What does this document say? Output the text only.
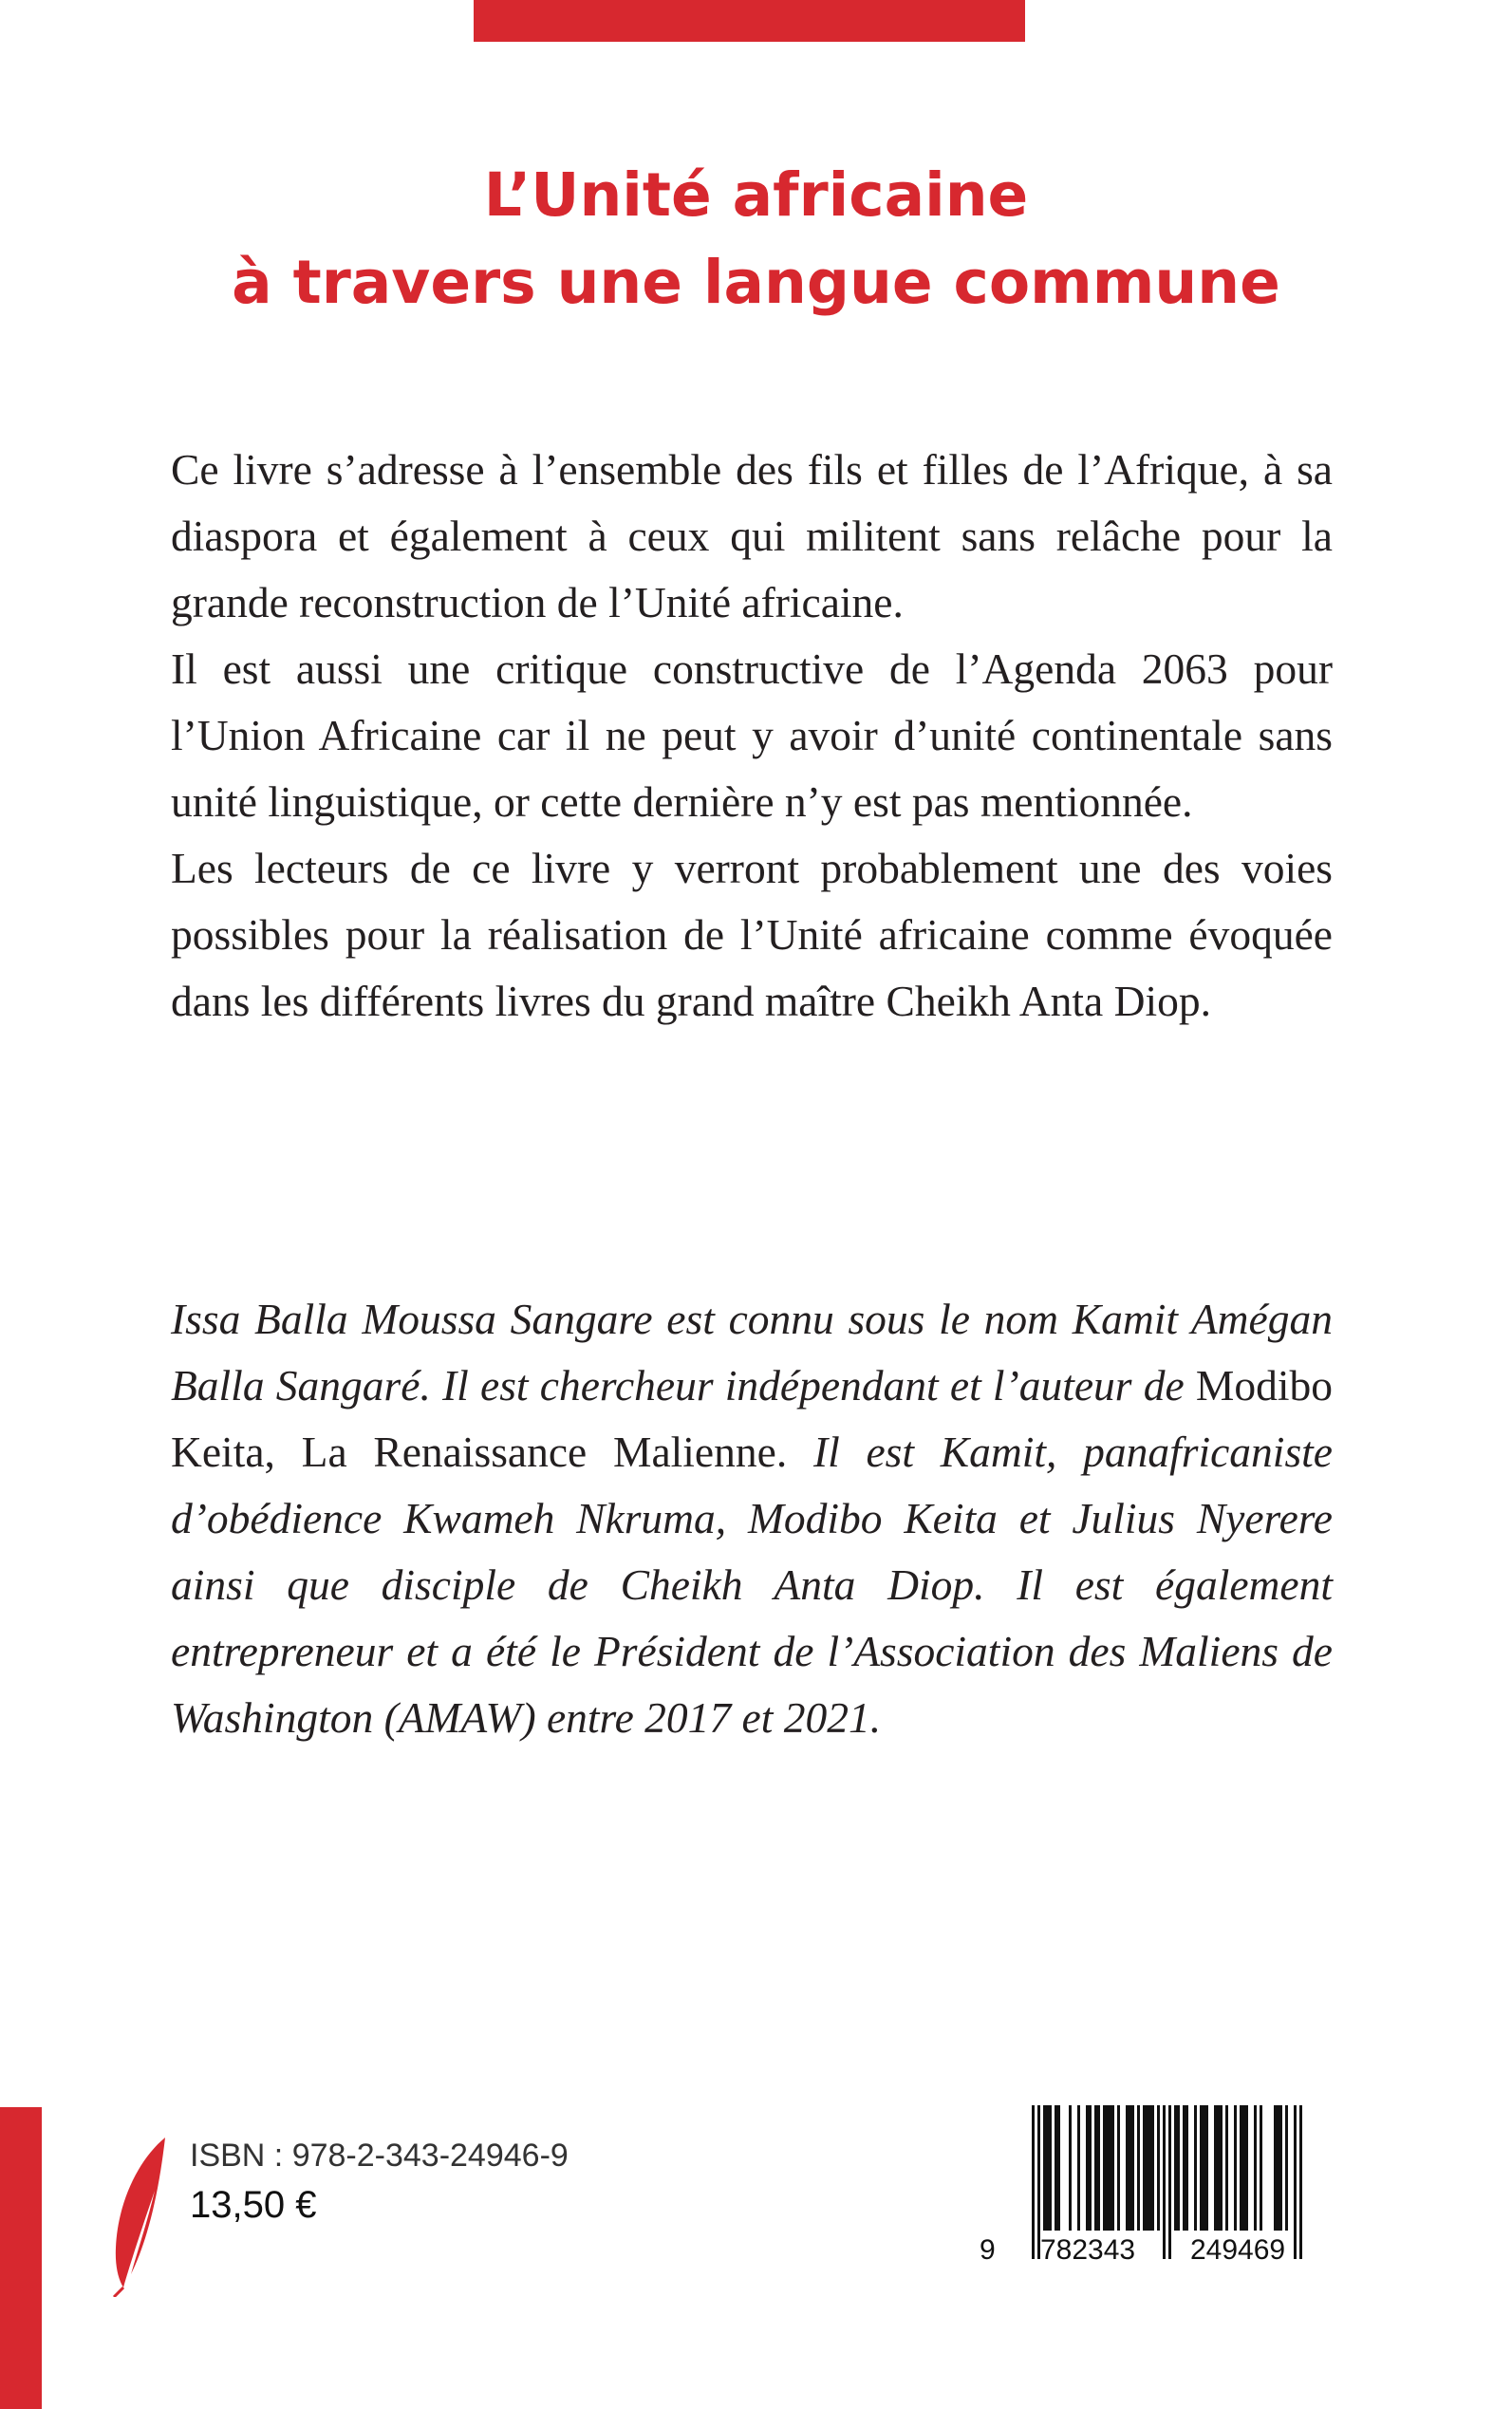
L’Unité africaine
à travers une langue commune

Ce livre s’adresse à l’ensemble des fils et filles de l’Afrique, à sa diaspora et également à ceux qui militent sans relâche pour la grande reconstruction de l’Unité africaine.

Il est aussi une critique constructive de l’Agenda 2063 pour l’Union Africaine car il ne peut y avoir d’unité continentale sans unité linguistique, or cette dernière n’y est pas mentionnée.

Les lecteurs de ce livre y verront probablement une des voies possibles pour la réalisation de l’Unité africaine comme évoquée dans les différents livres du grand maître Cheikh Anta Diop.

Issa Balla Moussa Sangare est connu sous le nom Kamit Amégan Balla Sangaré. Il est chercheur indépendant et l’auteur de Modibo Keita, La Renaissance Malienne. Il est Kamit, panafricaniste d’obédience Kwameh Nkruma, Modibo Keita et Julius Nyerere ainsi que disciple de Cheikh Anta Diop. Il est également entrepreneur et a été le Président de l’Association des Maliens de Washington (AMAW) entre 2017 et 2021.

ISBN : 978-2-343-24946-9
13,50 €
9 782343 249469
